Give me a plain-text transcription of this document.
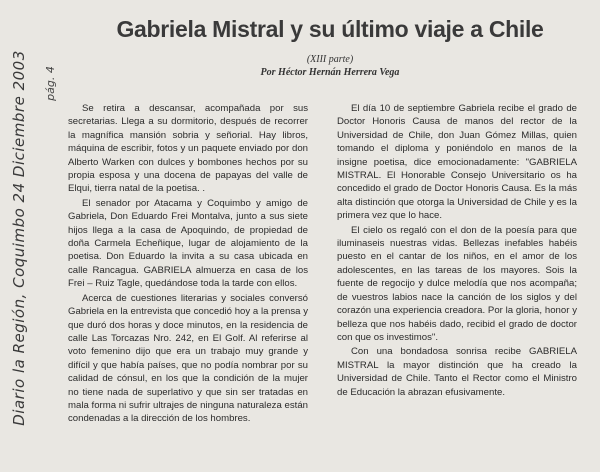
Diario la Región, Coquimbo 24 Diciembre 2003 pág. 4
Gabriela Mistral y su último viaje a Chile
(XIII parte)
Por Héctor Hernán Herrera Vega

Se retira a descansar, acompañada por sus secretarias. Llega a su dormitorio, después de recorrer la magnífica mansión sobria y señorial. Hay libros, máquina de escribir, fotos y un paquete enviado por don Alberto Warken con dulces y bombones hechos por su propia esposa y una docena de papayas del valle de Elqui, tierra natal de la poetisa. .

El senador por Atacama y Coquimbo y amigo de Gabriela, Don Eduardo Frei Montalva, junto a sus siete hijos llega a la casa de Apoquindo, de propiedad de doña Carmela Echeñique, lugar de alojamiento de la poetisa. Don Eduardo la invita a su casa ubicada en calle Rancagua. GABRIELA almuerza en casa de los Frei – Ruiz Tagle, quedándose toda la tarde con ellos.

Acerca de cuestiones literarias y sociales conversó Gabriela en la entrevista que concedió hoy a la prensa y que duró dos horas y doce minutos, en la residencia de calle Las Torcazas Nro. 242, en El Golf. Al referirse al voto femenino dijo que era un trabajo muy grande y difícil y que había países, que no podía nombrar por su calidad de cónsul, en los que la condición de la mujer no tiene nada de superlativo y que sin ser tratadas en mala forma ni sufrir ultrajes de ninguna naturaleza están condenadas a la dirección de los hombres.

El día 10 de septiembre Gabriela recibe el grado de Doctor Honoris Causa de manos del rector de la Universidad de Chile, don Juan Gómez Millas, quien tomando el diploma y poniéndolo en manos de la insigne poetisa, dice emocionadamente: "GABRIELA MISTRAL. El Honorable Consejo Universitario os ha concedido el grado de Doctor Honoris Causa. Es la más alta distinción que otorga la Universidad de Chile y es la primera vez que lo hace.

El cielo os regaló con el don de la poesía para que iluminaseis nuestras vidas. Bellezas inefables habéis puesto en el cantar de los niños, en el amor de los adolescentes, en las tareas de los mayores. Sois la fuente de regocijo y dulce melodía que nos acompaña; de vuestros labios nace la canción de los siglos y del corazón una experiencia creadora. Por la gloria, honor y belleza que nos habéis dado, recibid el grado de doctor con que os investimos".

Con una bondadosa sonrisa recibe GABRIELA MISTRAL la mayor distinción que ha creado la Universidad de Chile. Tanto el Rector como el Ministro de Educación la abrazan efusivamente.
